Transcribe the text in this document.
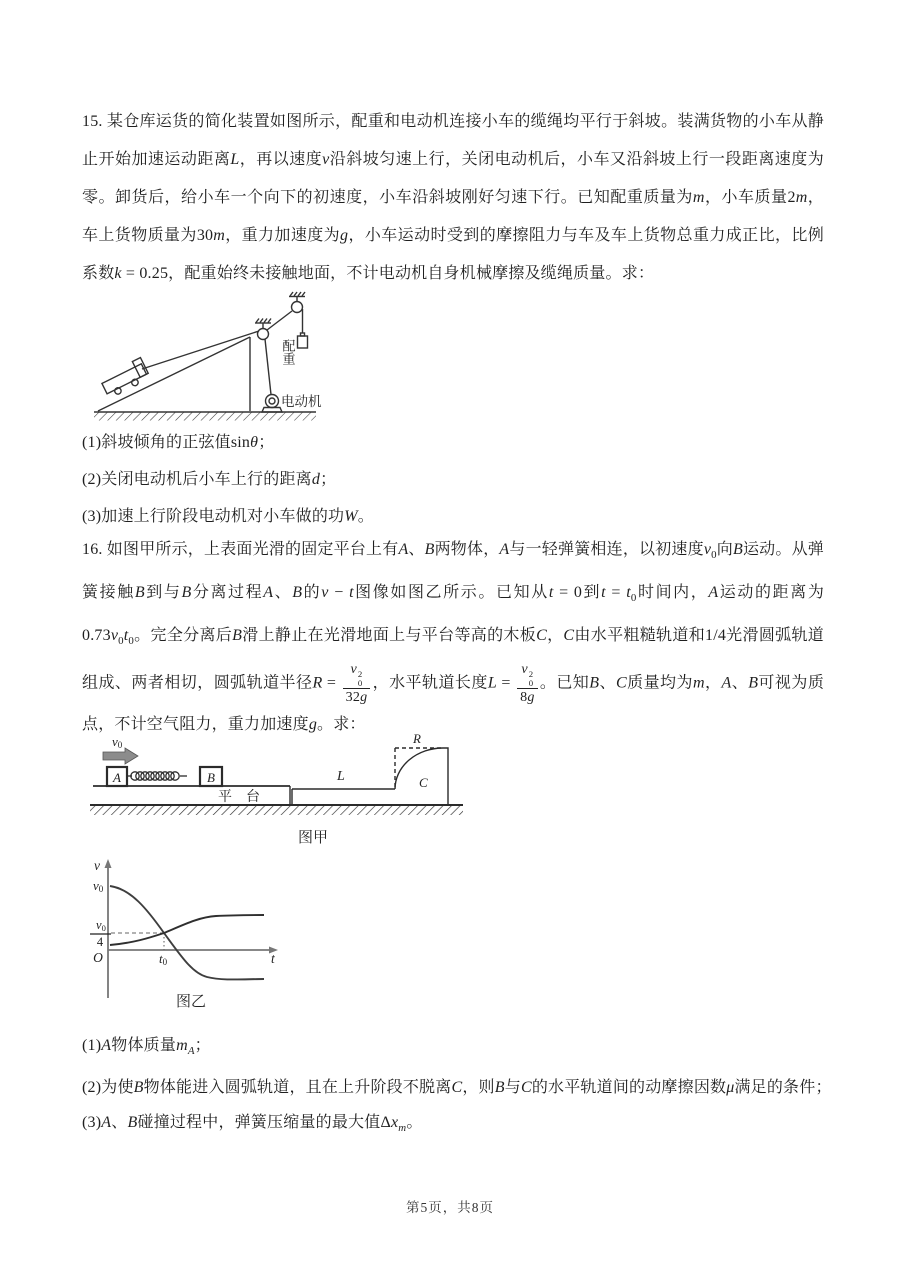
15. 某仓库运货的简化装置如图所示，配重和电动机连接小车的缆绳均平行于斜坡。装满货物的小车从静止开始加速运动距离L，再以速度v沿斜坡匀速上行，关闭电动机后，小车又沿斜坡上行一段距离速度为零。卸货后，给小车一个向下的初速度，小车沿斜坡刚好匀速下行。已知配重质量为m，小车质量2m，车上货物质量为30m，重力加速度为g，小车运动时受到的摩擦阻力与车及车上货物总重力成正比，比例系数k = 0.25，配重始终未接触地面，不计电动机自身机械摩擦及缆绳质量。求：

配重
电动机

(1)斜坡倾角的正弦值sinθ；

(2)关闭电动机后小车上行的距离d；

(3)加速上行阶段电动机对小车做的功W。

16. 如图甲所示，上表面光滑的固定平台上有A、B两物体，A与一轻弹簧相连，以初速度$v_0$向B运动。从弹簧接触B到与B分离过程A、B的v − t图像如图乙所示。已知从t = 0到$t = t_0$时间内，A运动的距离为$0.73v_0t_0$。完全分离后B滑上静止在光滑地面上与平台等高的木板C，C由水平粗糙轨道和1/4光滑圆弧轨道组成、两者相切，圆弧轨道半径R = v 2
0
32g ，水平轨道长度L = v 2
0
8g 。已知B、C质量均为m，A、B可视为质点，不计空气阻力，重力加速度g。求：

A	B
v0
平　台
L
R
C
图甲
v
v0
v0
4
O	t0	t
图乙

(1)A物体质量$m_A$；

(2)为使B物体能进入圆弧轨道，且在上升阶段不脱离C，则B与C的水平轨道间的动摩擦因数μ满足的条件；

(3)A、B碰撞过程中，弹簧压缩量的最大值$\Delta x_m$。

第5页，共8页
